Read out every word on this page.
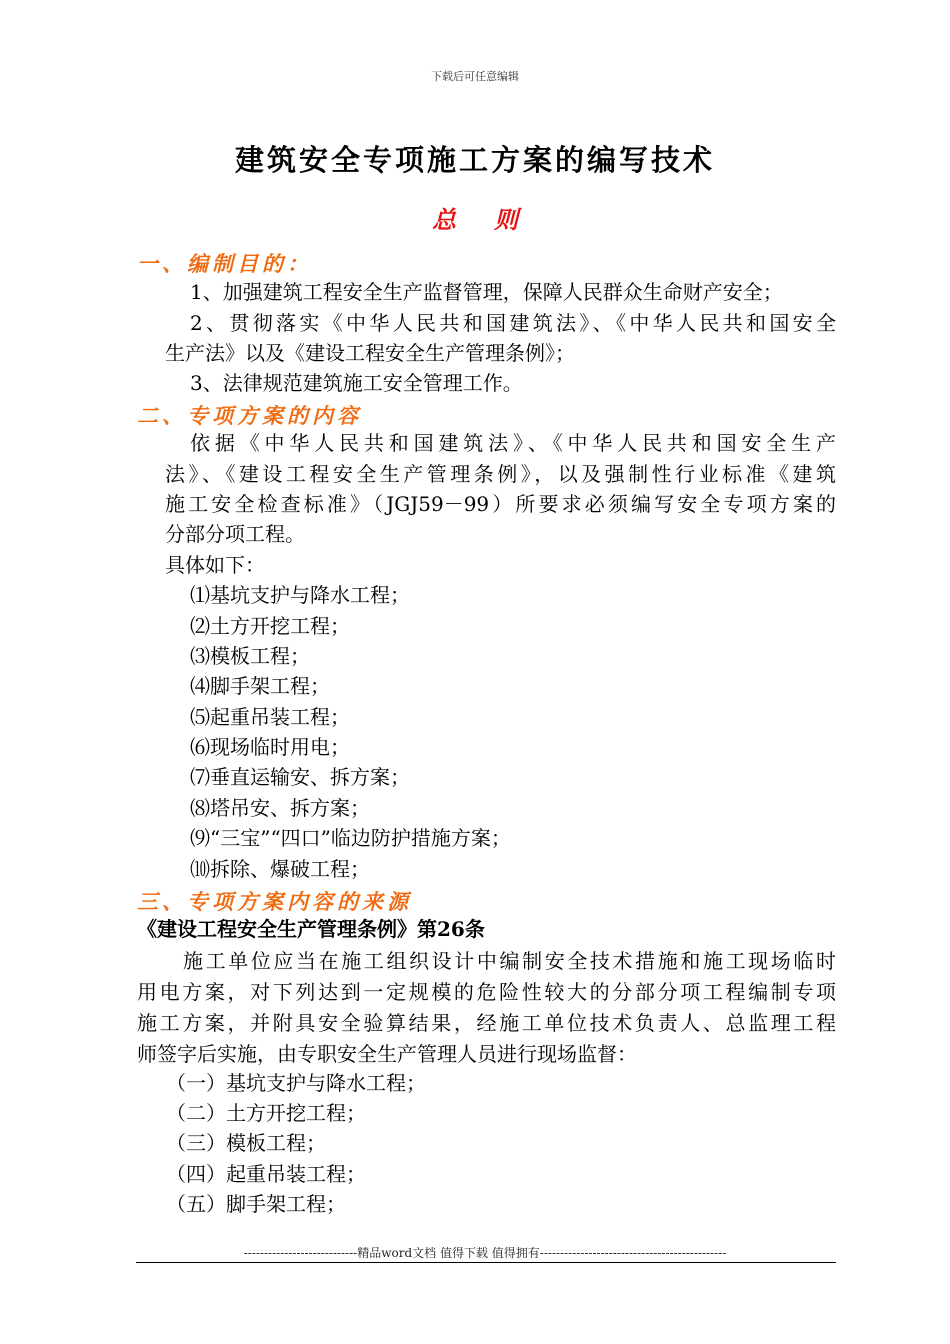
下载后可任意编辑
建筑安全专项施工方案的编写技术
总则
一、编制目的：
1、加强建筑工程安全生产监督管理，保障人民群众生命财产安全；
2、贯彻落实《中华人民共和国建筑法》、《中华人民共和国安全
生产法》以及《建设工程安全生产管理条例》；
3、法律规范建筑施工安全管理工作。
二、专项方案的内容
依据《中华人民共和国建筑法》、《中华人民共和国安全生产
法》、《建设工程安全生产管理条例》，以及强制性行业标准《建筑
施工安全检查标准》（JGJ59－99）所要求必须编写安全专项方案的
分部分项工程。
具体如下：
⑴基坑支护与降水工程；
⑵土方开挖工程；
⑶模板工程；
⑷脚手架工程；
⑸起重吊装工程；
⑹现场临时用电；
⑺垂直运输安、拆方案；
⑻塔吊安、拆方案；
⑼“三宝”“四口”临边防护措施方案；
⑽拆除、爆破工程；
三、专项方案内容的来源
《建设工程安全生产管理条例》第26条
施工单位应当在施工组织设计中编制安全技术措施和施工现场临时
用电方案，对下列达到一定规模的危险性较大的分部分项工程编制专项
施工方案，并附具安全验算结果，经施工单位技术负责人、总监理工程
师签字后实施，由专职安全生产管理人员进行现场监督：
（一）基坑支护与降水工程；
（二）土方开挖工程；
（三）模板工程；
（四）起重吊装工程；
（五）脚手架工程；
----------------------------精品word文档 值得下载 值得拥有----------------------------------------------
